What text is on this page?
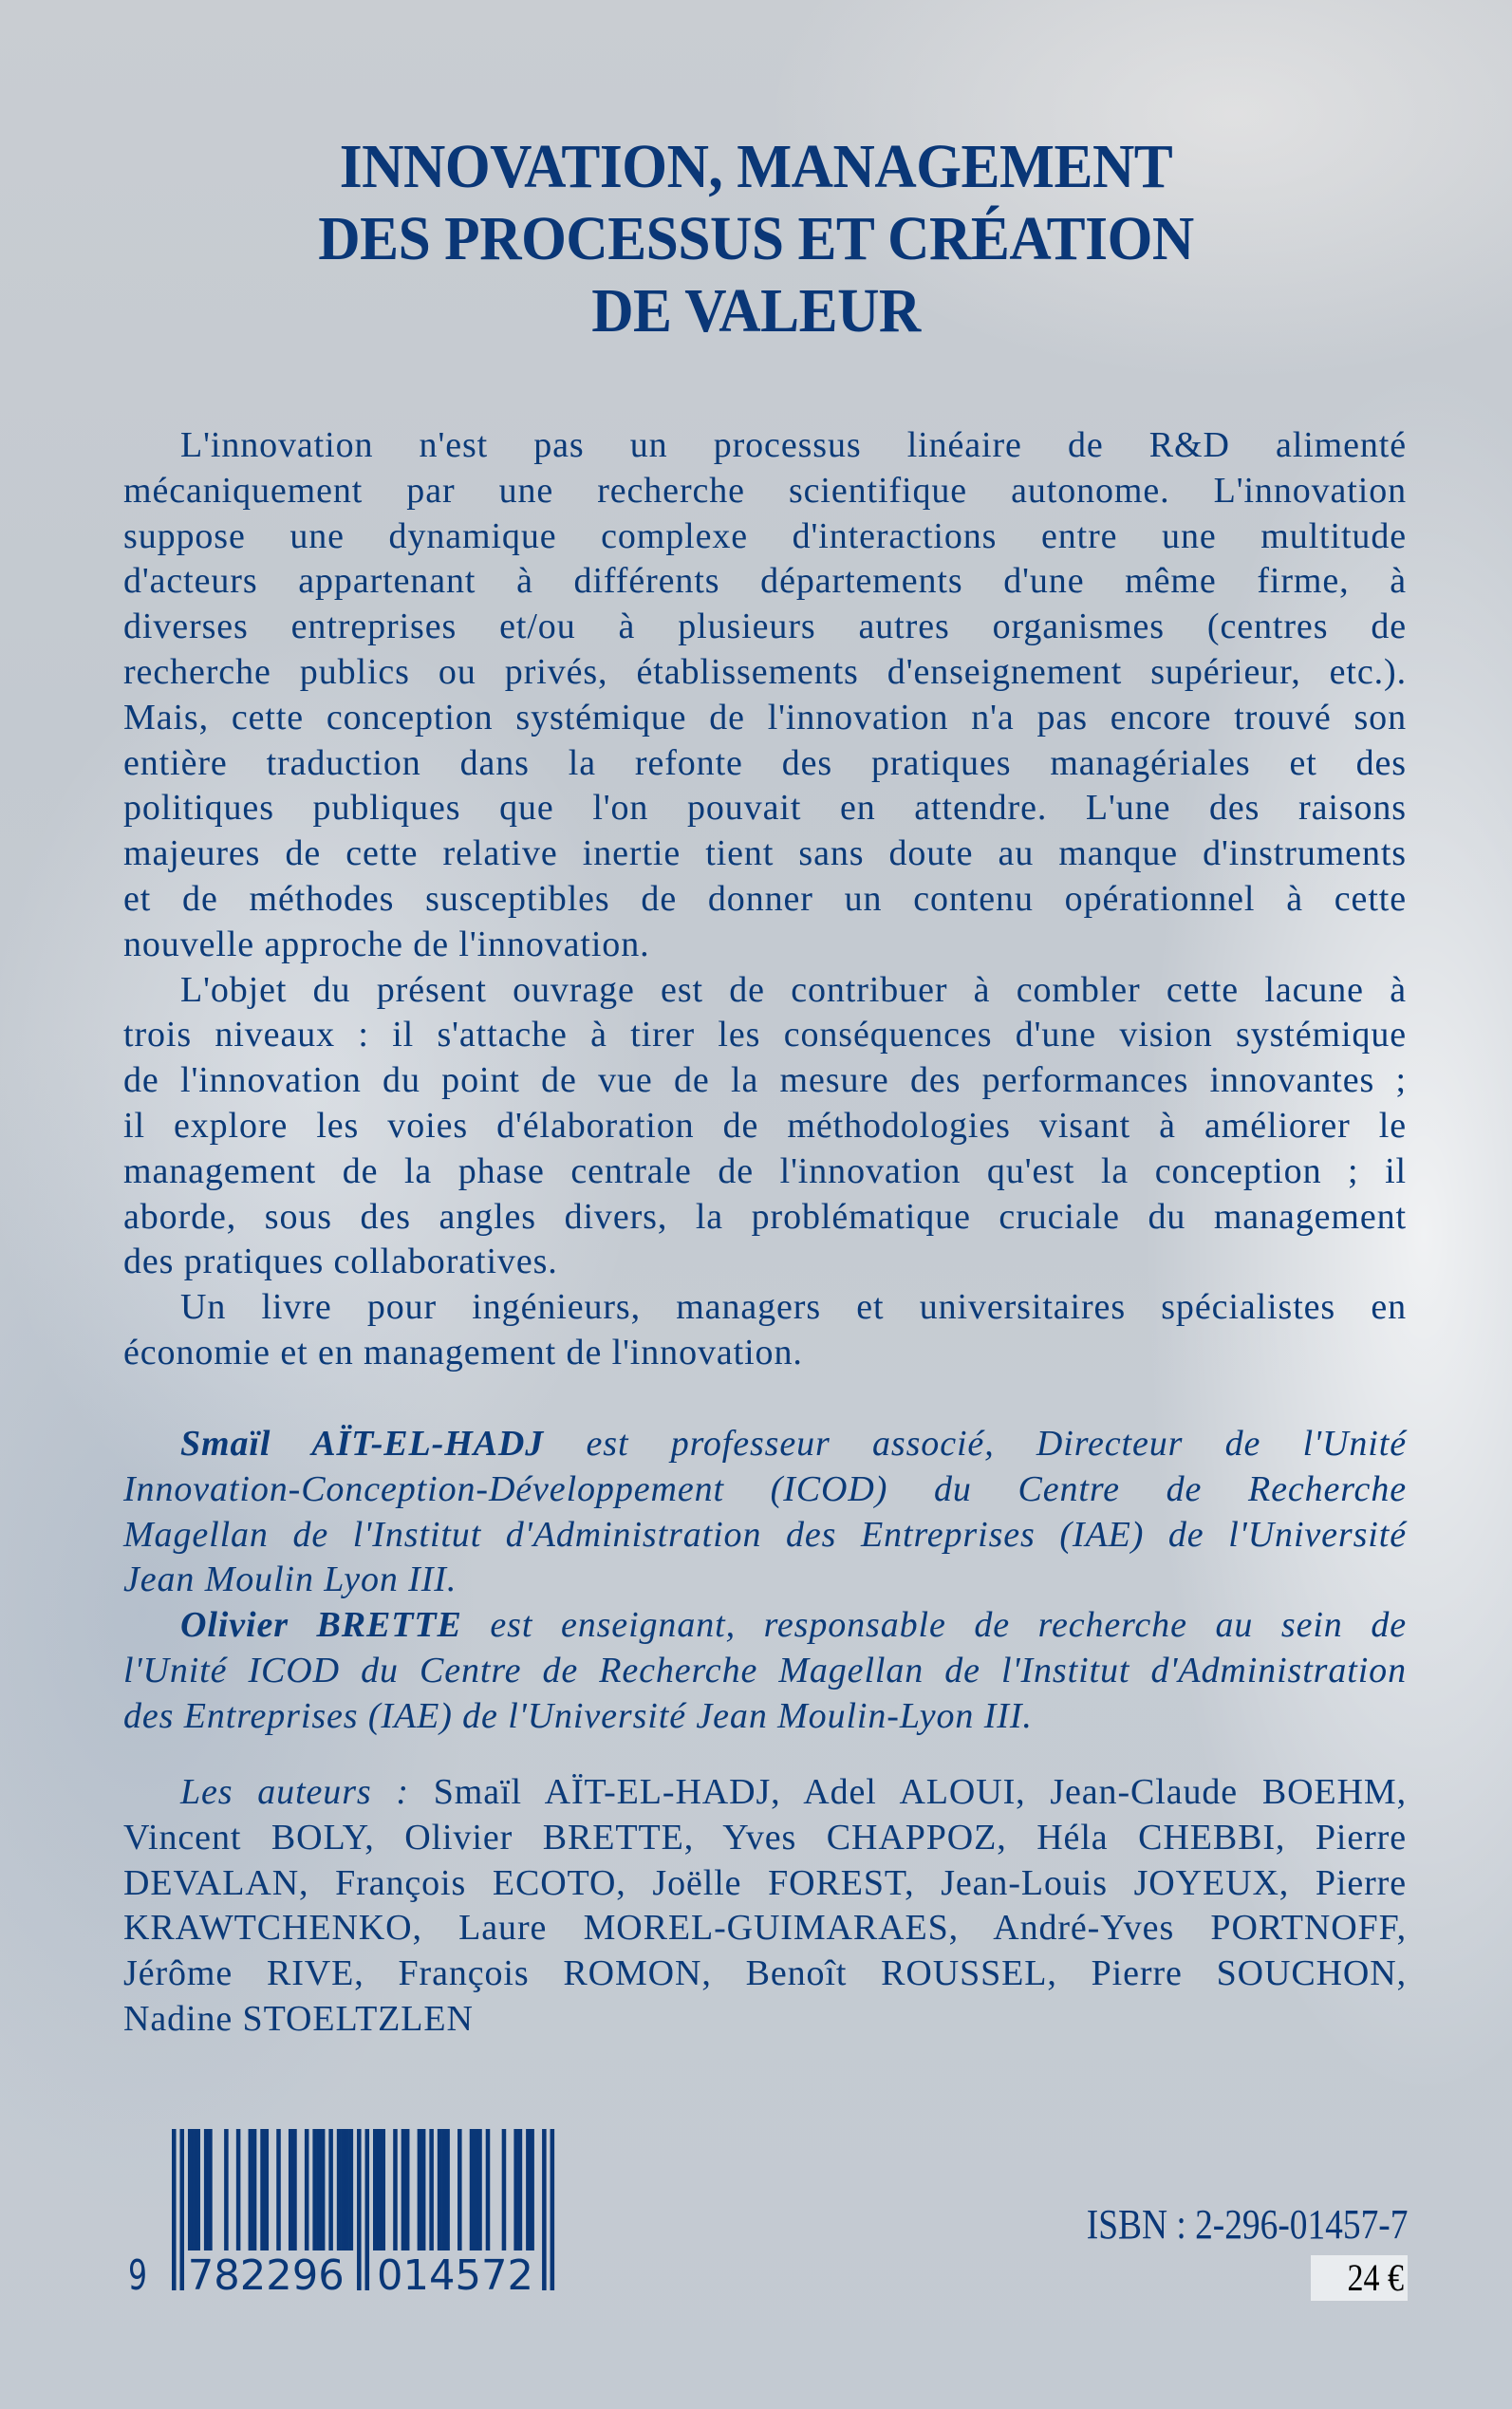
INNOVATION, MANAGEMENT
DES PROCESSUS ET CRÉATION
DE VALEUR
L'innovation n'est pas un processus linéaire de R&D alimenté
mécaniquement par une recherche scientifique autonome. L'innovation
suppose une dynamique complexe d'interactions entre une multitude
d'acteurs appartenant à différents départements d'une même firme, à
diverses entreprises et/ou à plusieurs autres organismes (centres de
recherche publics ou privés, établissements d'enseignement supérieur, etc.).
Mais, cette conception systémique de l'innovation n'a pas encore trouvé son
entière traduction dans la refonte des pratiques managériales et des
politiques publiques que l'on pouvait en attendre. L'une des raisons
majeures de cette relative inertie tient sans doute au manque d'instruments
et de méthodes susceptibles de donner un contenu opérationnel à cette
nouvelle approche de l'innovation.
L'objet du présent ouvrage est de contribuer à combler cette lacune à
trois niveaux : il s'attache à tirer les conséquences d'une vision systémique
de l'innovation du point de vue de la mesure des performances innovantes ;
il explore les voies d'élaboration de méthodologies visant à améliorer le
management de la phase centrale de l'innovation qu'est la conception ; il
aborde, sous des angles divers, la problématique cruciale du management
des pratiques collaboratives.
Un livre pour ingénieurs, managers et universitaires spécialistes en
économie et en management de l'innovation.
Smaïl AÏT-EL-HADJ est professeur associé, Directeur de l'Unité
Innovation-Conception-Développement (ICOD) du Centre de Recherche
Magellan de l'Institut d'Administration des Entreprises (IAE) de l'Université
Jean Moulin Lyon III.
Olivier BRETTE est enseignant, responsable de recherche au sein de
l'Unité ICOD du Centre de Recherche Magellan de l'Institut d'Administration
des Entreprises (IAE) de l'Université Jean Moulin-Lyon III.
Les auteurs : Smaïl AÏT-EL-HADJ, Adel ALOUI, Jean-Claude BOEHM,
Vincent BOLY, Olivier BRETTE, Yves CHAPPOZ, Héla CHEBBI, Pierre
DEVALAN, François ECOTO, Joëlle FOREST, Jean-Louis JOYEUX, Pierre
KRAWTCHENKO, Laure MOREL-GUIMARAES, André-Yves PORTNOFF,
Jérôme RIVE, François ROMON, Benoît ROUSSEL, Pierre SOUCHON,
Nadine STOELTZLEN
9 782296 014572
ISBN : 2-296-01457-7
24 €
